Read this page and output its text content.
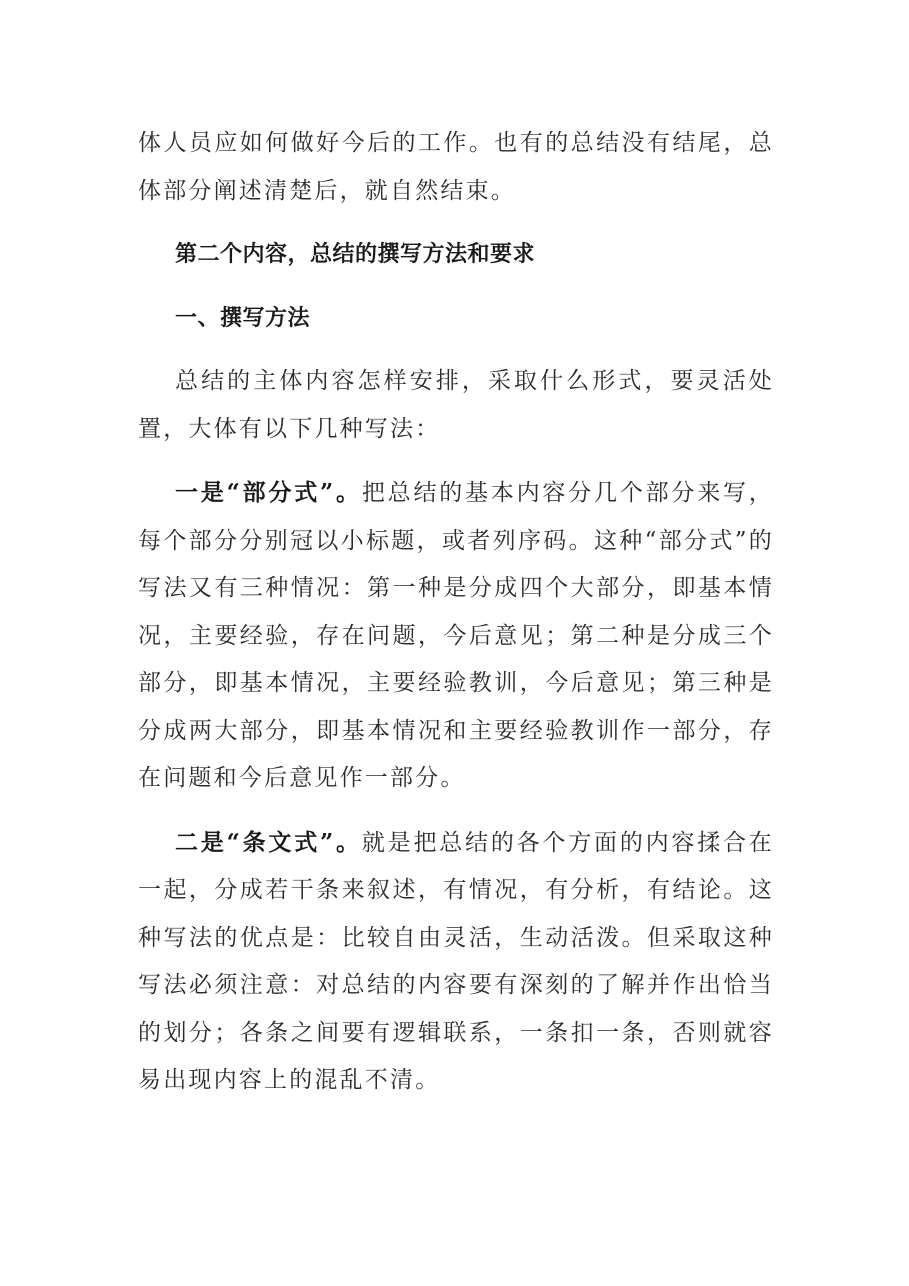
体人员应如何做好今后的工作。也有的总结没有结尾，总体部分阐述清楚后，就自然结束。

第二个内容，总结的撰写方法和要求

一、撰写方法

总结的主体内容怎样安排，采取什么形式，要灵活处置，大体有以下几种写法：

一是“部分式”。把总结的基本内容分几个部分来写，每个部分分别冠以小标题，或者列序码。这种“部分式”的写法又有三种情况：第一种是分成四个大部分，即基本情况，主要经验，存在问题，今后意见；第二种是分成三个部分，即基本情况，主要经验教训，今后意见；第三种是分成两大部分，即基本情况和主要经验教训作一部分，存在问题和今后意见作一部分。

二是“条文式”。就是把总结的各个方面的内容揉合在一起，分成若干条来叙述，有情况，有分析，有结论。这种写法的优点是：比较自由灵活，生动活泼。但采取这种写法必须注意：对总结的内容要有深刻的了解并作出恰当的划分；各条之间要有逻辑联系，一条扣一条，否则就容易出现内容上的混乱不清。
